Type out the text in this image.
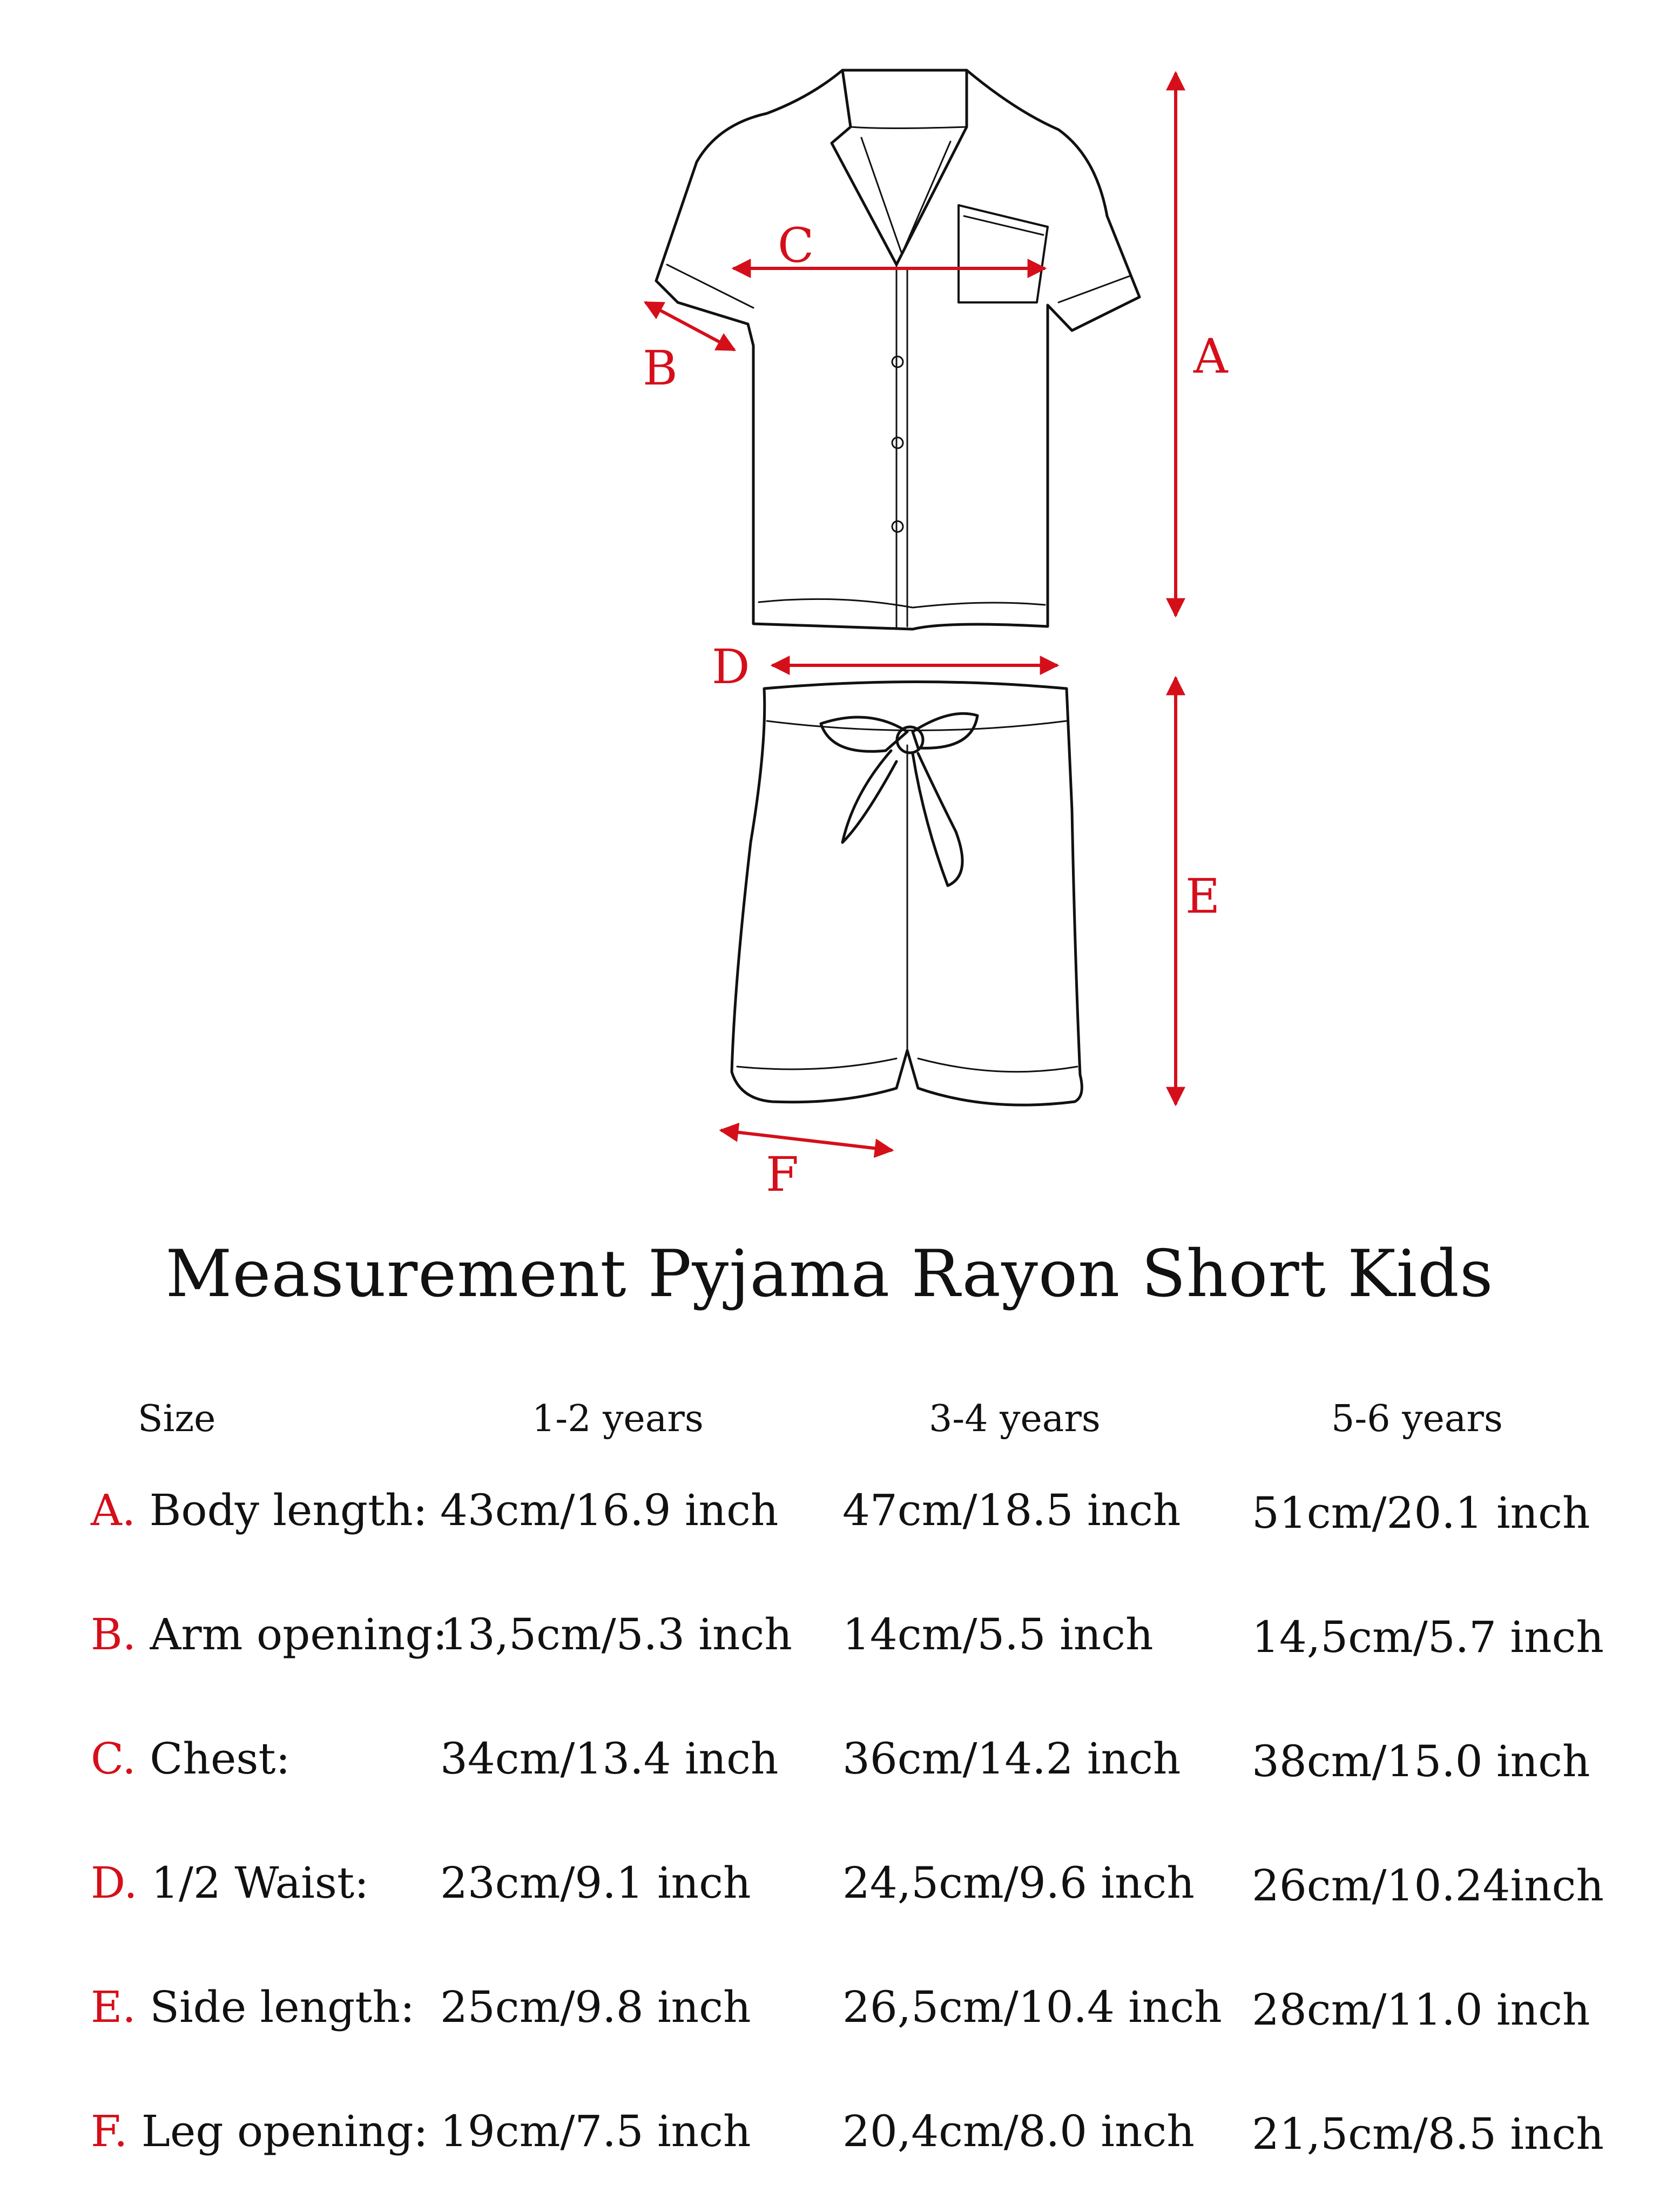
A
B
C
D
E
F
Measurement Pyjama Rayon Short Kids
Size	1-2 years	3-4 years	5-6 years
A. Body length: 43cm/16.9 inch 47cm/18.5 inch 51cm/20.1 inch
B. Arm opening:
13,5cm/5.3 inch 14cm/5.5 inch 14,5cm/5.7 inch
C. Chest:	34cm/13.4 inch 36cm/14.2 inch 38cm/15.0 inch
D. 1/2 Waist: 23cm/9.1 inch 24,5cm/9.6 inch 26cm/10.24inch
E. Side length: 25cm/9.8 inch 26,5cm/10.4 inch 28cm/11.0 inch
F. Leg opening: 19cm/7.5 inch 20,4cm/8.0 inch 21,5cm/8.5 inch
